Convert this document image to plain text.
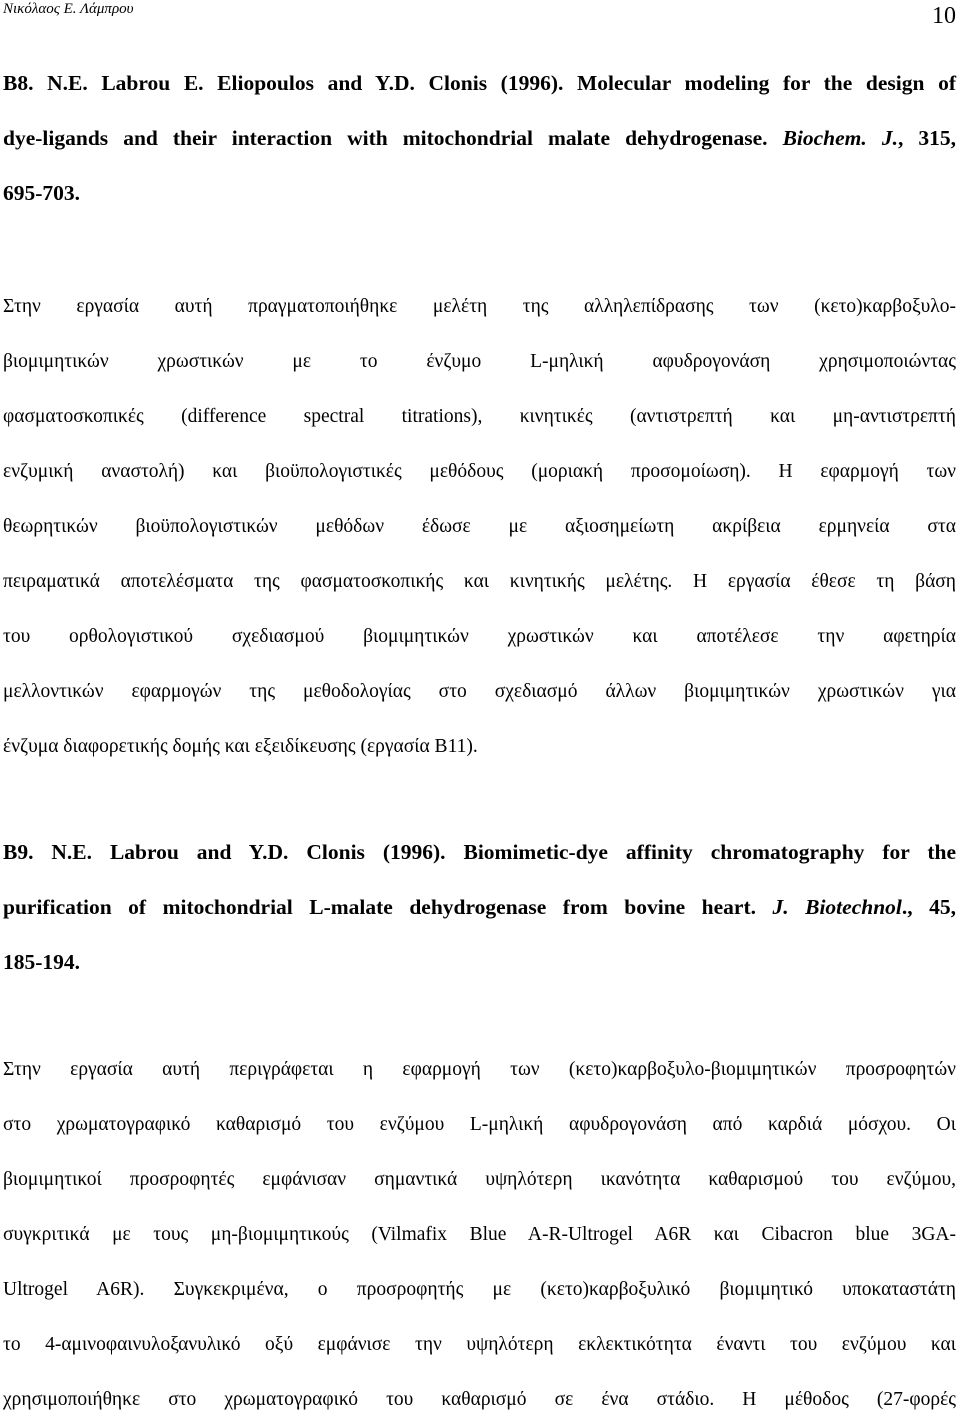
Νικόλαος Ε. Λάμπρου	10
B8. N.E. Labrou E. Eliopoulos and Y.D. Clonis (1996). Molecular modeling for the design of
dye-ligands and their interaction with mitochondrial malate dehydrogenase. Biochem. J., 315,
695-703.
Στην εργασία αυτή πραγματοποιήθηκε μελέτη της αλληλεπίδρασης των (κετο)καρβοξυλο-
βιομιμητικών χρωστικών με το ένζυμο L-μηλική αφυδρογονάση χρησιμοποιώντας
φασματοσκοπικές (difference spectral titrations), κινητικές (αντιστρεπτή και μη-αντιστρεπτή
ενζυμική αναστολή) και βιοϋπολογιστικές μεθόδους (μοριακή προσομοίωση). Η εφαρμογή των
θεωρητικών βιοϋπολογιστικών μεθόδων έδωσε με αξιοσημείωτη ακρίβεια ερμηνεία στα
πειραματικά αποτελέσματα της φασματοσκοπικής και κινητικής μελέτης. Η εργασία έθεσε τη βάση
του ορθολογιστικού σχεδιασμού βιομιμητικών χρωστικών και αποτέλεσε την αφετηρία
μελλοντικών εφαρμογών της μεθοδολογίας στο σχεδιασμό άλλων βιομιμητικών χρωστικών για
ένζυμα διαφορετικής δομής και εξειδίκευσης (εργασία Β11).
B9. N.E. Labrou and Y.D. Clonis (1996). Biomimetic-dye affinity chromatography for the
purification of mitochondrial L-malate dehydrogenase from bovine heart. J. Biotechnol., 45,
185-194.
Στην εργασία αυτή περιγράφεται η εφαρμογή των (κετο)καρβοξυλο-βιομιμητικών προσροφητών
στο χρωματογραφικό καθαρισμό του ενζύμου L-μηλική αφυδρογονάση από καρδιά μόσχου. Οι
βιομιμητικοί προσροφητές εμφάνισαν σημαντικά υψηλότερη ικανότητα καθαρισμού του ενζύμου,
συγκριτικά με τους μη-βιομιμητικούς (Vilmafix Blue A-R-Ultrogel A6R και Cibacron blue 3GA-
Ultrogel A6R). Συγκεκριμένα, ο προσροφητής με (κετο)καρβοξυλικό βιομιμητικό υποκαταστάτη
το 4-αμινοφαινυλοξανυλικό οξύ εμφάνισε την υψηλότερη εκλεκτικότητα έναντι του ενζύμου και
χρησιμοποιήθηκε στο χρωματογραφικό του καθαρισμό σε ένα στάδιο. Η μέθοδος (27-φορές
